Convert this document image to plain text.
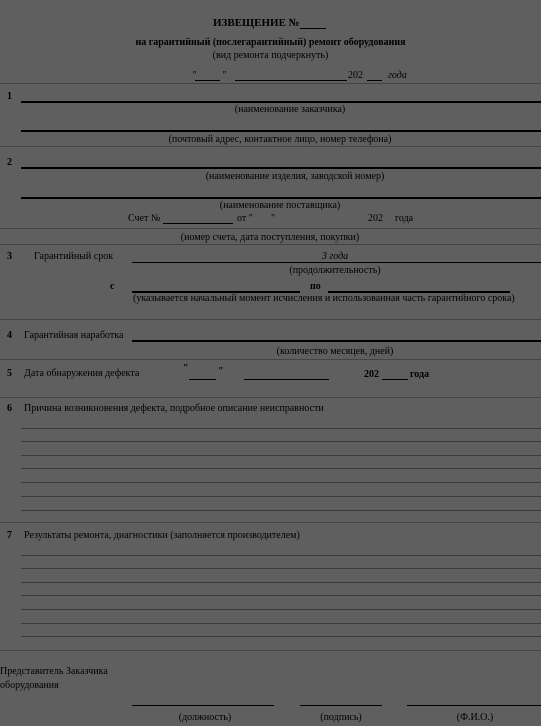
ИЗВЕЩЕНИЕ №
на гарантийный (послегарантийный) ремонт оборудования
(вид ремонта подчеркнуть)
"	"	202	года
1
(наименование заказчика)
(почтовый адрес, контактное лицо, номер телефона)
2
(наименование изделия, заводской номер)
(наименование поставщика)
Счет №	от " "	202 года
(номер счета, дата поступления, покупки)
3 Гарантийный срок	3 года
(продолжительность)
с	по
(указывается начальный момент исчисления и использованная часть гарантийного срока)
4 Гарантийная наработка
(количество месяцев, дней)
5 Дата обнаружения дефекта	"	"	202	года
6 Причина возникновения дефекта, подробное описание неисправности
7 Результаты ремонта, диагностики (заполняется производителем)
Представитель Заказчика
оборудования
(должность)	(подпись)	(Ф.И.О.)
